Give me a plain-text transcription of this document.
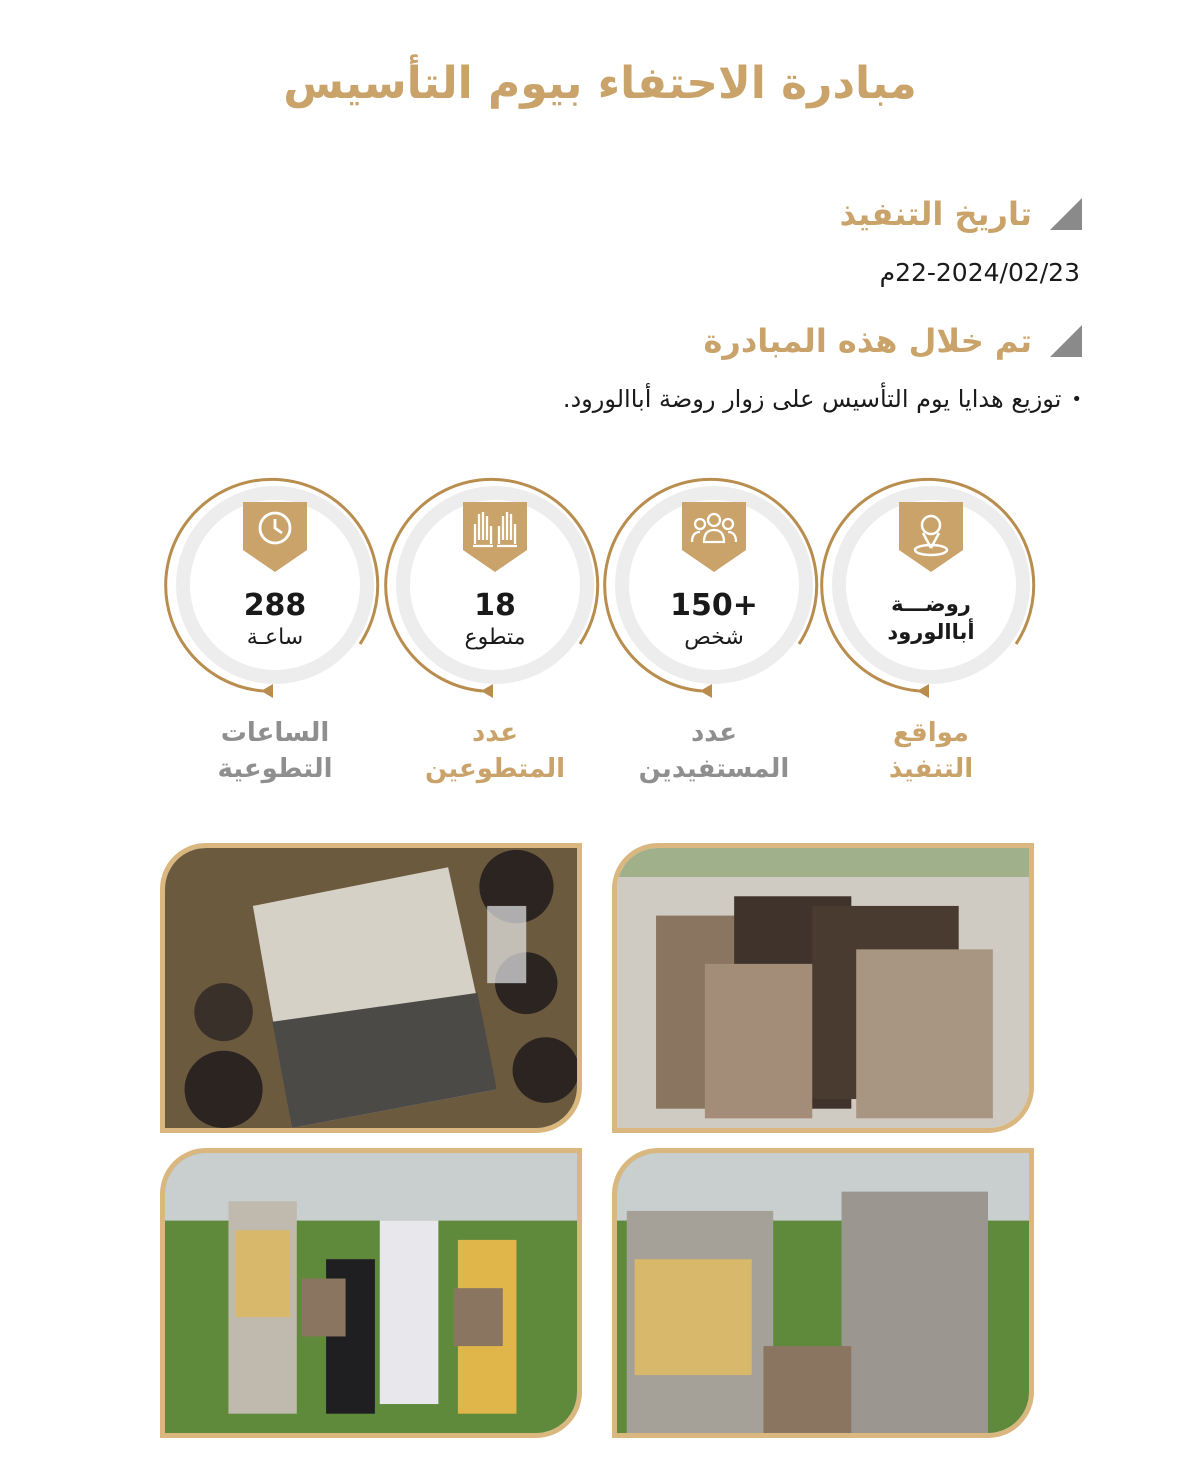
مبادرة الاحتفاء بيوم التأسيس
تاريخ التنفيذ
22-2024/02/23م
تم خلال هذه المبادرة
•
توزيع هدايا يوم التأسيس على زوار روضة أباالورود.
روضـــة
أباالورود
150+
شخص
18
متطوع
288
ساعـة
مواقع
التنفيذ
عدد
المستفيدين
عدد
المتطوعين
الساعات
التطوعية
